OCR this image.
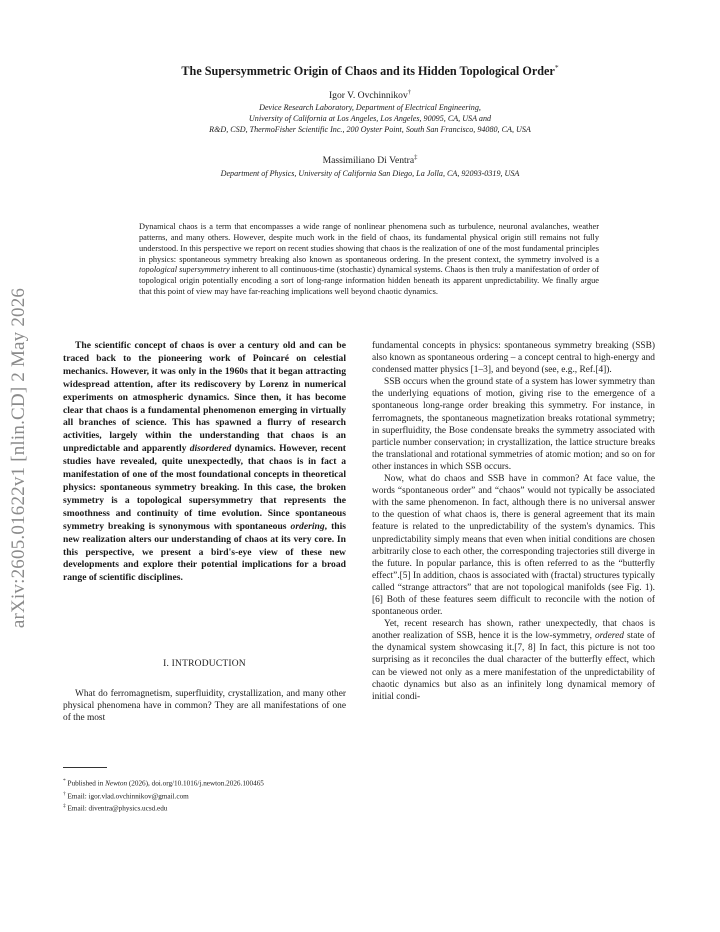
arXiv:2605.01622v1 [nlin.CD] 2 May 2026
The Supersymmetric Origin of Chaos and its Hidden Topological Order*
Igor V. Ovchinnikov†
Device Research Laboratory, Department of Electrical Engineering,
University of California at Los Angeles, Los Angeles, 90095, CA, USA and
R&D, CSD, ThermoFisher Scientific Inc., 200 Oyster Point, South San Francisco, 94080, CA, USA
Massimiliano Di Ventra‡
Department of Physics, University of California San Diego, La Jolla, CA, 92093-0319, USA

Dynamical chaos is a term that encompasses a wide range of nonlinear phenomena such as turbulence, neuronal avalanches, weather patterns, and many others. However, despite much work in the field of chaos, its fundamental physical origin still remains not fully understood. In this perspective we report on recent studies showing that chaos is the realization of one of the most fundamental principles in physics: spontaneous symmetry breaking also known as spontaneous ordering. In the present context, the symmetry involved is a topological supersymmetry inherent to all continuous-time (stochastic) dynamical systems. Chaos is then truly a manifestation of order of topological origin potentially encoding a sort of long-range information hidden beneath its apparent unpredictability. We finally argue that this point of view may have far-reaching implications well beyond chaotic dynamics.

The scientific concept of chaos is over a century old and can be traced back to the pioneering work of Poincaré on celestial mechanics. However, it was only in the 1960s that it began attracting widespread attention, after its rediscovery by Lorenz in numerical experiments on atmospheric dynamics. Since then, it has become clear that chaos is a fundamental phenomenon emerging in virtually all branches of science. This has spawned a flurry of research activities, largely within the understanding that chaos is an unpredictable and apparently disordered dynamics. However, recent studies have revealed, quite unexpectedly, that chaos is in fact a manifestation of one of the most foundational concepts in theoretical physics: spontaneous symmetry breaking. In this case, the broken symmetry is a topological supersymmetry that represents the smoothness and continuity of time evolution. Since spontaneous symmetry breaking is synonymous with spontaneous ordering, this new realization alters our understanding of chaos at its very core. In this perspective, we present a bird's-eye view of these new developments and explore their potential implications for a broad range of scientific disciplines.

I. INTRODUCTION

What do ferromagnetism, superfluidity, crystallization, and many other physical phenomena have in common? They are all manifestations of one of the most

* Published in Newton (2026), doi.org/10.1016/j.newton.2026.100465
† Email: igor.vlad.ovchinnikov@gmail.com
‡ Email: diventra@physics.ucsd.edu

fundamental concepts in physics: spontaneous symmetry breaking (SSB) also known as spontaneous ordering – a concept central to high-energy and condensed matter physics [1–3], and beyond (see, e.g., Ref.[4]).

SSB occurs when the ground state of a system has lower symmetry than the underlying equations of motion, giving rise to the emergence of a spontaneous long-range order breaking this symmetry. For instance, in ferromagnets, the spontaneous magnetization breaks rotational symmetry; in superfluidity, the Bose condensate breaks the symmetry associated with particle number conservation; in crystallization, the lattice structure breaks the translational and rotational symmetries of atomic motion; and so on for other instances in which SSB occurs.

Now, what do chaos and SSB have in common? At face value, the words “spontaneous order” and “chaos” would not typically be associated with the same phenomenon. In fact, although there is no universal answer to the question of what chaos is, there is general agreement that its main feature is related to the unpredictability of the system's dynamics. This unpredictability simply means that even when initial conditions are chosen arbitrarily close to each other, the corresponding trajectories still diverge in the future. In popular parlance, this is often referred to as the “butterfly effect”.[5] In addition, chaos is associated with (fractal) structures typically called “strange attractors” that are not topological manifolds (see Fig. 1).[6] Both of these features seem difficult to reconcile with the notion of spontaneous order.

Yet, recent research has shown, rather unexpectedly, that chaos is another realization of SSB, hence it is the low-symmetry, ordered state of the dynamical system showcasing it.[7, 8] In fact, this picture is not too surprising as it reconciles the dual character of the butterfly effect, which can be viewed not only as a mere manifestation of the unpredictability of chaotic dynamics but also as an infinitely long dynamical memory of initial condi-
